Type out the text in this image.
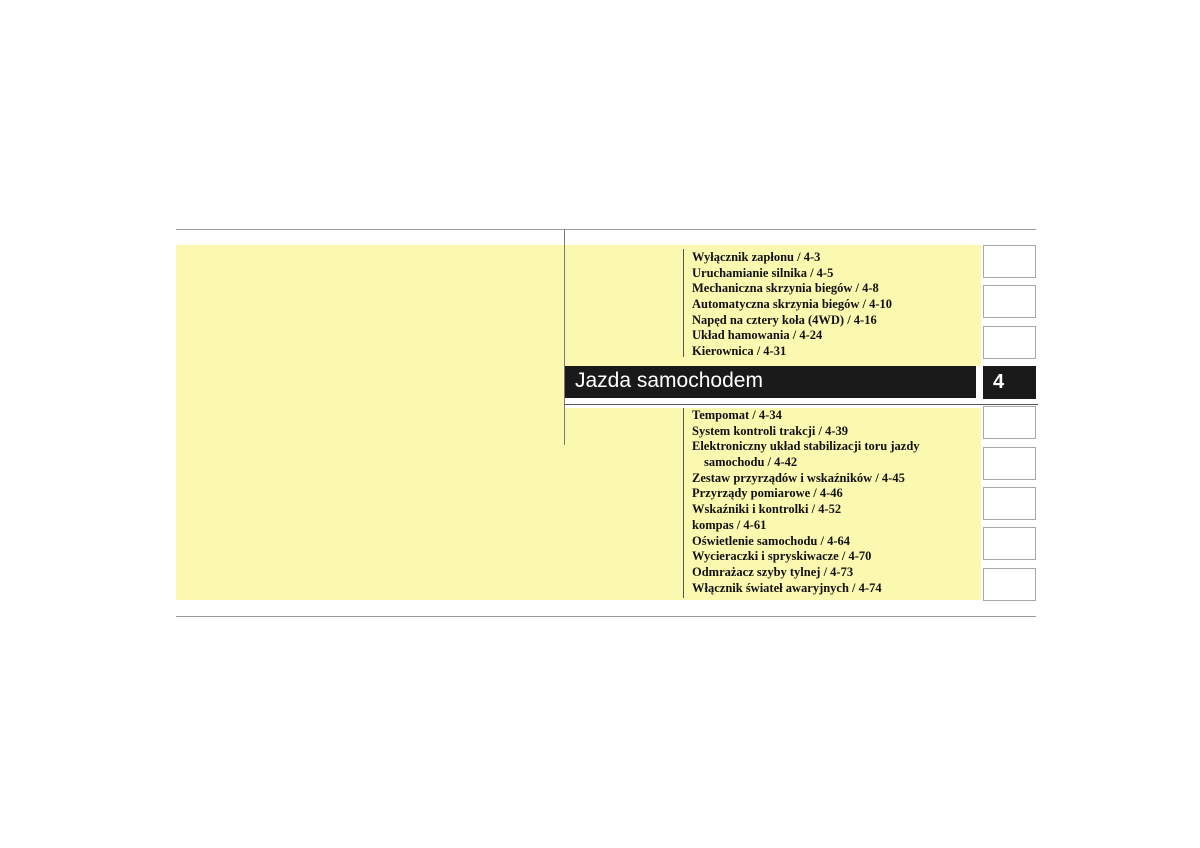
Wyłącznik zapłonu / 4-3
Uruchamianie silnika / 4-5
Mechaniczna skrzynia biegów / 4-8
Automatyczna skrzynia biegów / 4-10
Napęd na cztery koła (4WD) / 4-16
Układ hamowania / 4-24
Kierownica / 4-31
Jazda samochodem
Tempomat / 4-34
System kontroli trakcji / 4-39
Elektroniczny układ stabilizacji toru jazdy
samochodu / 4-42
Zestaw przyrządów i wskaźników / 4-45
Przyrządy pomiarowe / 4-46
Wskaźniki i kontrolki / 4-52
kompas / 4-61
Oświetlenie samochodu / 4-64
Wycieraczki i spryskiwacze / 4-70
Odmrażacz szyby tylnej / 4-73
Włącznik świateł awaryjnych / 4-74
1
2
3
4
5
6
7
8
9
